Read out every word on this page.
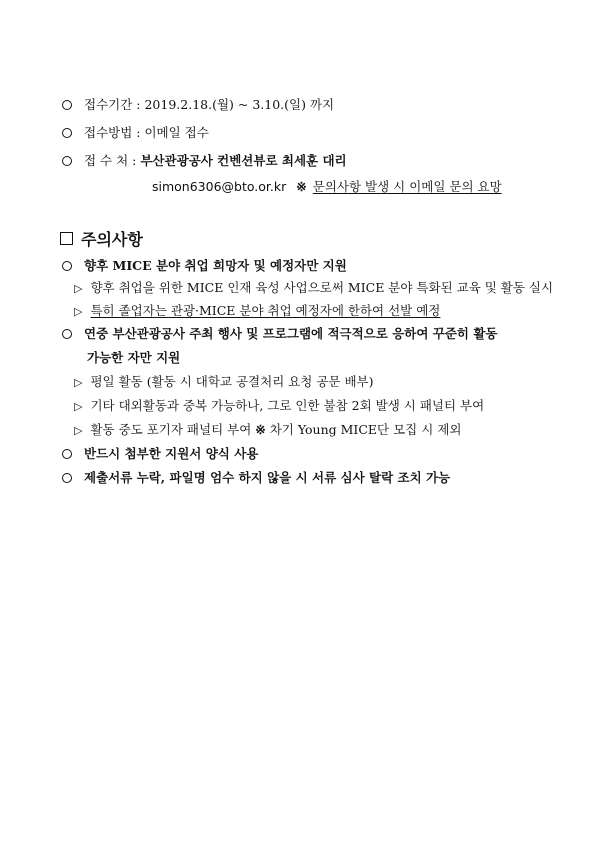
접수기간 : 2019.2.18.(월) ~ 3.10.(일) 까지
접수방법 : 이메일 접수
접 수 처 : 부산관광공사 컨벤션뷰로 최세훈 대리
simon6306@bto.or.kr ※ 문의사항 발생 시 이메일 문의 요망
주의사항
향후 MICE 분야 취업 희망자 및 예정자만 지원
▷ 향후 취업을 위한 MICE 인재 육성 사업으로써 MICE 분야 특화된 교육 및 활동 실시
▷ 특히 졸업자는 관광·MICE 분야 취업 예정자에 한하여 선발 예정
연중 부산관광공사 주최 행사 및 프로그램에 적극적으로 응하여 꾸준히 활동
가능한 자만 지원
▷ 평일 활동 (활동 시 대학교 공결처리 요청 공문 배부)
▷ 기타 대외활동과 중복 가능하나, 그로 인한 불참 2회 발생 시 패널티 부여
▷ 활동 중도 포기자 패널티 부여 ※ 차기 Young MICE단 모집 시 제외
반드시 첨부한 지원서 양식 사용
제출서류 누락, 파일명 엄수 하지 않을 시 서류 심사 탈락 조치 가능
